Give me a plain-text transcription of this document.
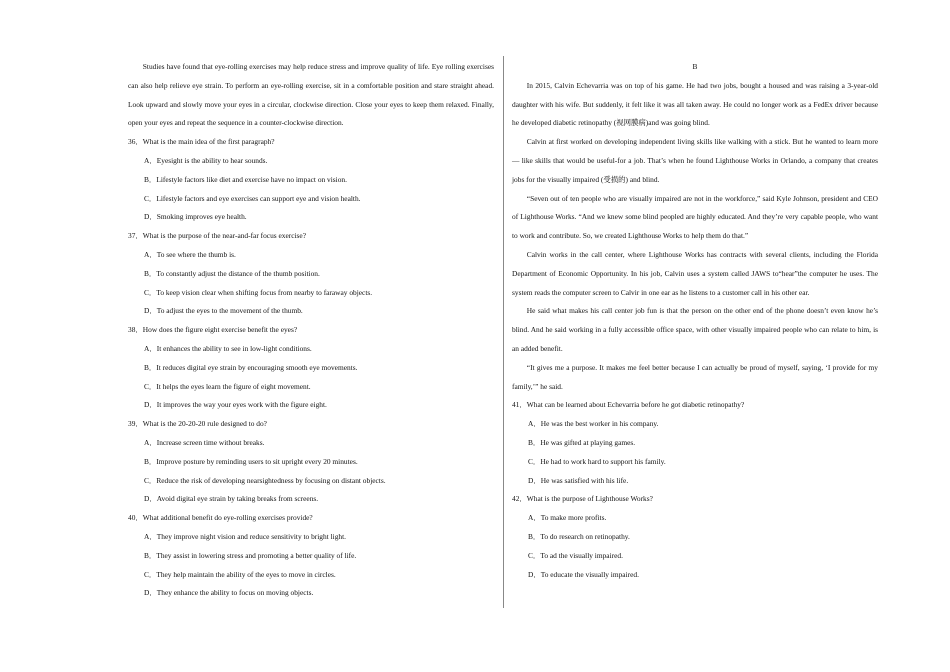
Studies have found that eye-rolling exercises may help reduce stress and improve quality of life. Eye rolling exercises can also help relieve eye strain. To perform an eye-rolling exercise, sit in a comfortable position and stare straight ahead. Look upward and slowly move your eyes in a circular, clockwise direction. Close your eyes to keep them relaxed. Finally, open your eyes and repeat the sequence in a counter-clockwise direction.

36．What is the main idea of the first paragraph?
A．Eyesight is the ability to hear sounds.
B．Lifestyle factors like diet and exercise have no impact on vision.
C．Lifestyle factors and eye exercises can support eye and vision health.
D．Smoking improves eye health.
37．What is the purpose of the near-and-far focus exercise?
A．To see where the thumb is.
B．To constantly adjust the distance of the thumb position.
C．To keep vision clear when shifting focus from nearby to faraway objects.
D．To adjust the eyes to the movement of the thumb.
38．How does the figure eight exercise benefit the eyes?
A．It enhances the ability to see in low-light conditions.
B．It reduces digital eye strain by encouraging smooth eye movements.
C．It helps the eyes learn the figure of eight movement.
D．It improves the way your eyes work with the figure eight.
39．What is the 20-20-20 rule designed to do?
A．Increase screen time without breaks.
B．Improve posture by reminding users to sit upright every 20 minutes.
C．Reduce the risk of developing nearsightedness by focusing on distant objects.
D．Avoid digital eye strain by taking breaks from screens.
40．What additional benefit do eye-rolling exercises provide?
A．They improve night vision and reduce sensitivity to bright light.
B．They assist in lowering stress and promoting a better quality of life.
C．They help maintain the ability of the eyes to move in circles.
D．They enhance the ability to focus on moving objects.
B

In 2015, Calvin Echevarria was on top of his game. He had two jobs, bought a housed and was raising a 3-year-old daughter with his wife. But suddenly, it felt like it was all taken away. He could no longer work as a FedEx driver because he developed diabetic retinopathy (视网膜病)and was going blind.

Calvin at first worked on developing independent living skills like walking with a stick. But he wanted to learn more — like skills that would be useful-for a job. That’s when he found Lighthouse Works in Orlando, a company that creates jobs for the visually impaired (受损的) and blind.

“Seven out of ten people who are visually impaired are not in the workforce,” said Kyle Johnson, president and CEO of Lighthouse Works. “And we knew some blind peopled are highly educated. And they’re very capable people, who want to work and contribute. So, we created Lighthouse Works to help them do that.”

Calvin works in the call center, where Lighthouse Works has contracts with several clients, including the Florida Department of Economic Opportunity. In his job, Calvin uses a system called JAWS to“hear”the computer he uses. The system reads the computer screen to Calvir in one ear as he listens to a customer call in his other ear.

He said what makes his call center job fun is that the person on the other end of the phone doesn’t even know he’s blind. And he said working in a fully accessible office space, with other visually impaired people who can relate to him, is an added benefit.

“It gives me a purpose. It makes me feel better because I can actually be proud of myself, saying, ‘I provide for my family,’” he said.

41．What can be learned about Echevarria before he got diabetic retinopathy?
A．He was the best worker in his company.
B．He was gifted at playing games.
C．He had to work hard to support his family.
D．He was satisfied with his life.
42．What is the purpose of Lighthouse Works?
A．To make more profits.
B．To do research on retinopathy.
C．To ad the visually impaired.
D．To educate the visually impaired.
